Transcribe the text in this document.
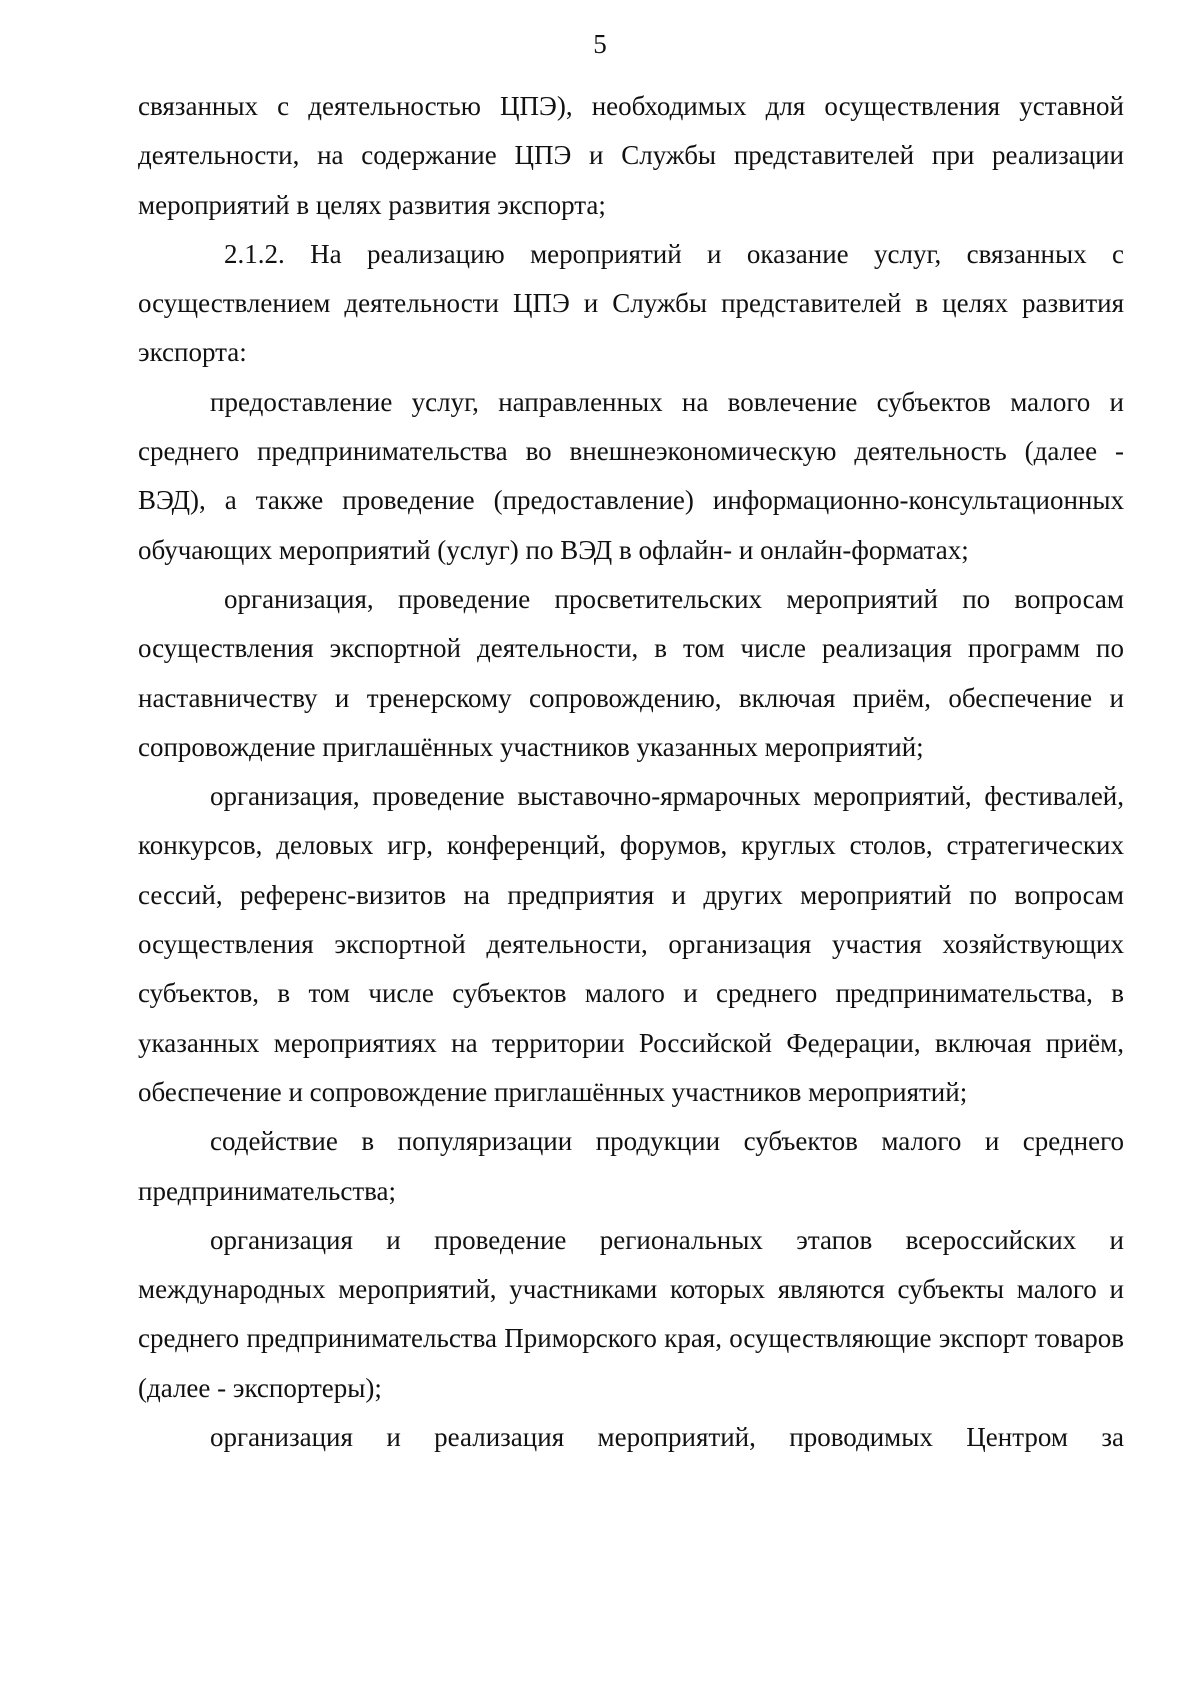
5

связанных с деятельностью ЦПЭ), необходимых для осуществления уставной деятельности, на содержание ЦПЭ и Службы представителей при реализации мероприятий в целях развития экспорта;

2.1.2. На реализацию мероприятий и оказание услуг, связанных с осуществлением деятельности ЦПЭ и Службы представителей в целях развития экспорта:

предоставление услуг, направленных на вовлечение субъектов малого и среднего предпринимательства во внешнеэкономическую деятельность (далее - ВЭД), а также проведение (предоставление) информационно-консультационных обучающих мероприятий (услуг) по ВЭД в офлайн- и онлайн-форматах;

организация, проведение просветительских мероприятий по вопросам осуществления экспортной деятельности, в том числе реализация программ по наставничеству и тренерскому сопровождению, включая приём, обеспечение и сопровождение приглашённых участников указанных мероприятий;

организация, проведение выставочно-ярмарочных мероприятий, фестивалей, конкурсов, деловых игр, конференций, форумов, круглых столов, стратегических сессий, референс-визитов на предприятия и других мероприятий по вопросам осуществления экспортной деятельности, организация участия хозяйствующих субъектов, в том числе субъектов малого и среднего предпринимательства, в указанных мероприятиях на территории Российской Федерации, включая приём, обеспечение и сопровождение приглашённых участников мероприятий;

содействие в популяризации продукции субъектов малого и среднего предпринимательства;

организация и проведение региональных этапов всероссийских и международных мероприятий, участниками которых являются субъекты малого и среднего предпринимательства Приморского края, осуществляющие экспорт товаров (далее - экспортеры);

организация и реализация мероприятий, проводимых Центром за
